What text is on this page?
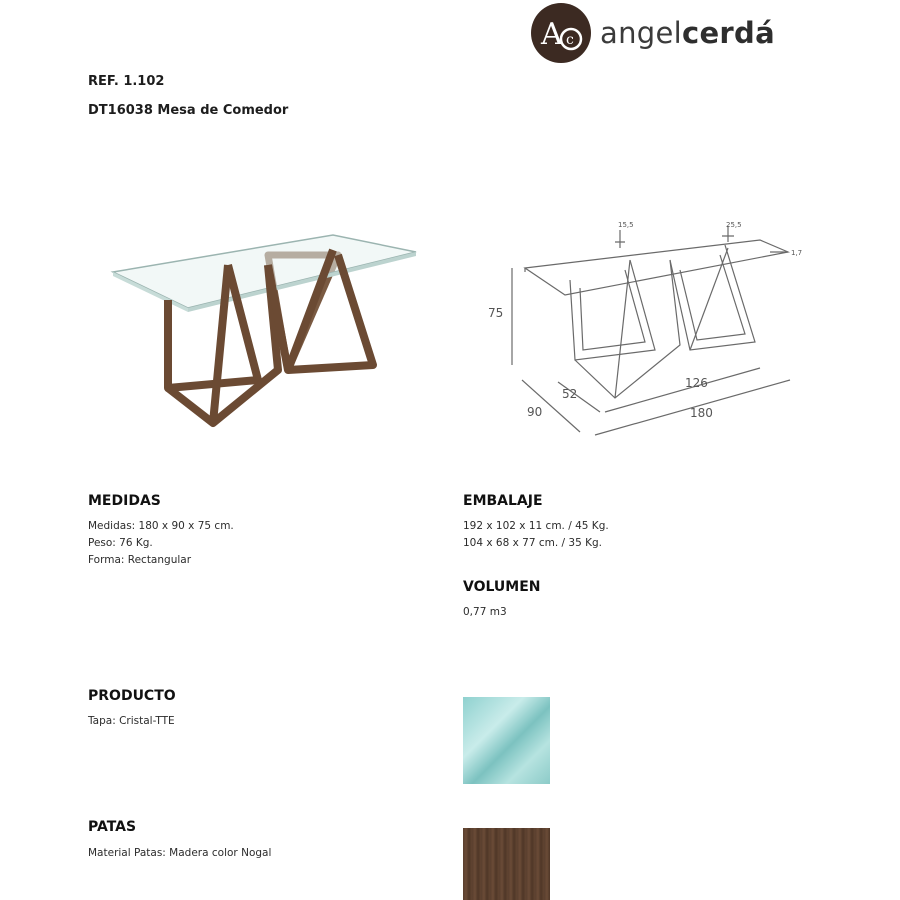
A c angelcerdá
REF. 1.102
DT16038 Mesa de Comedor
75
90
52
126
180
15,5	25,5
1,7
MEDIDAS
Medidas: 180 x 90 x 75 cm.
Peso: 76 Kg.
Forma: Rectangular
EMBALAJE
192 x 102 x 11 cm. / 45 Kg.
104 x 68 x 77 cm. / 35 Kg.
VOLUMEN
0,77 m3
PRODUCTO
Tapa: Cristal-TTE
PATAS
Material Patas: Madera color Nogal
